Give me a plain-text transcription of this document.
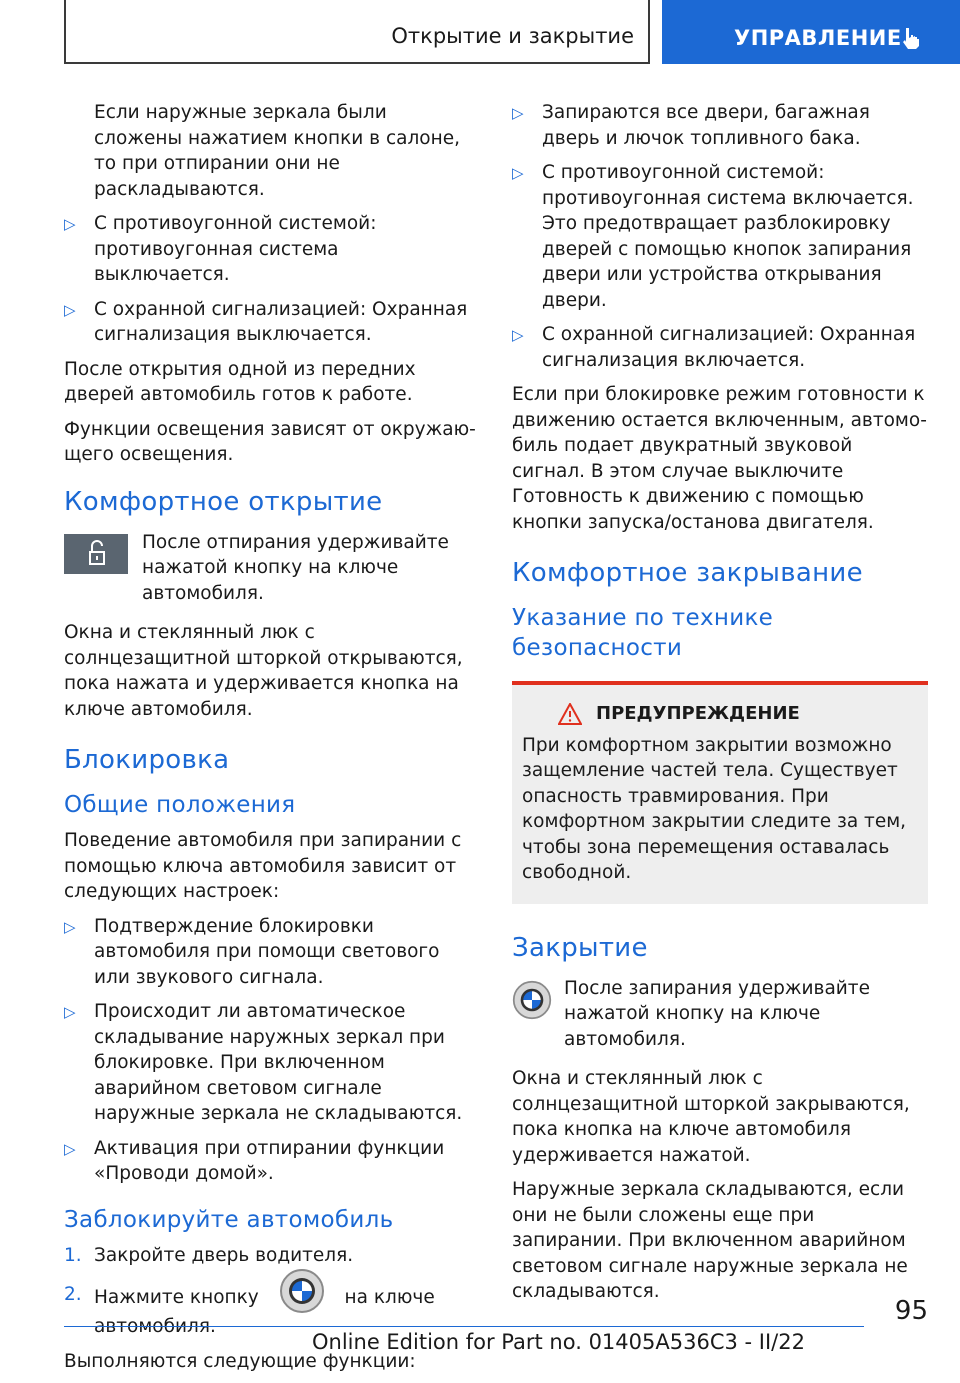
Открытие и закрытие	УПРАВЛЕНИЕ

Если наружные зеркала были сложены нажатием кнопки в салоне, то при отпирании они не раскладываются.

▷ С противоугонной системой: противоугонная система выключается.
▷ С охранной сигнализацией: Охранная сигнализация выключается.

После открытия одной из передних дверей автомобиль готов к работе.

Функции освещения зависят от окружающего освещения.

Комфортное открытие
После отпирания удерживайте нажатой кнопку на ключе автомобиля.

Окна и стеклянный люк с солнцезащитной шторкой открываются, пока нажата и удерживается кнопка на ключе автомобиля.

Блокировка
Общие положения

Поведение автомобиля при запирании с помощью ключа автомобиля зависит от следующих настроек:

▷ Подтверждение блокировки автомобиля при помощи светового или звукового сигнала.
▷ Происходит ли автоматическое складывание наружных зеркал при блокировке. При включенном аварийном световом сигнале наружные зеркала не складываются.
▷ Активация при отпирании функции «Проводи домой».
Заблокируйте автомобиль
1. Закройте дверь водителя.
2. Нажмите кнопку	на ключе
автомобиля.

Выполняются следующие функции:

▷ Запираются все двери, багажная дверь и лючок топливного бака.
▷ С противоугонной системой: противоугонная система включается. Это предотвращает разблокировку дверей с помощью кнопок запирания двери или устройства открывания двери.
▷ С охранной сигнализацией: Охранная сигнализация включается.

Если при блокировке режим готовности к движению остается включенным, автомобиль подает двукратный звуковой сигнал. В этом случае выключите Готовность к движению с помощью кнопки запуска/останова двигателя.

Комфортное закрывание
Указание по технике безопасности
ПРЕДУПРЕЖДЕНИЕ
При комфортном закрытии возможно защемление частей тела. Существует опасность травмирования. При комфортном закрытии следите за тем, чтобы зона перемещения оставалась свободной.
Закрытие
После запирания удерживайте нажатой кнопку на ключе автомобиля.

Окна и стеклянный люк с солнцезащитной шторкой закрываются, пока кнопка на ключе автомобиля удерживается нажатой.

Наружные зеркала складываются, если они не были сложены еще при запирании. При включенном аварийном световом сигнале наружные зеркала не складываются.

95
Online Edition for Part no. 01405A536C3 - II/22
